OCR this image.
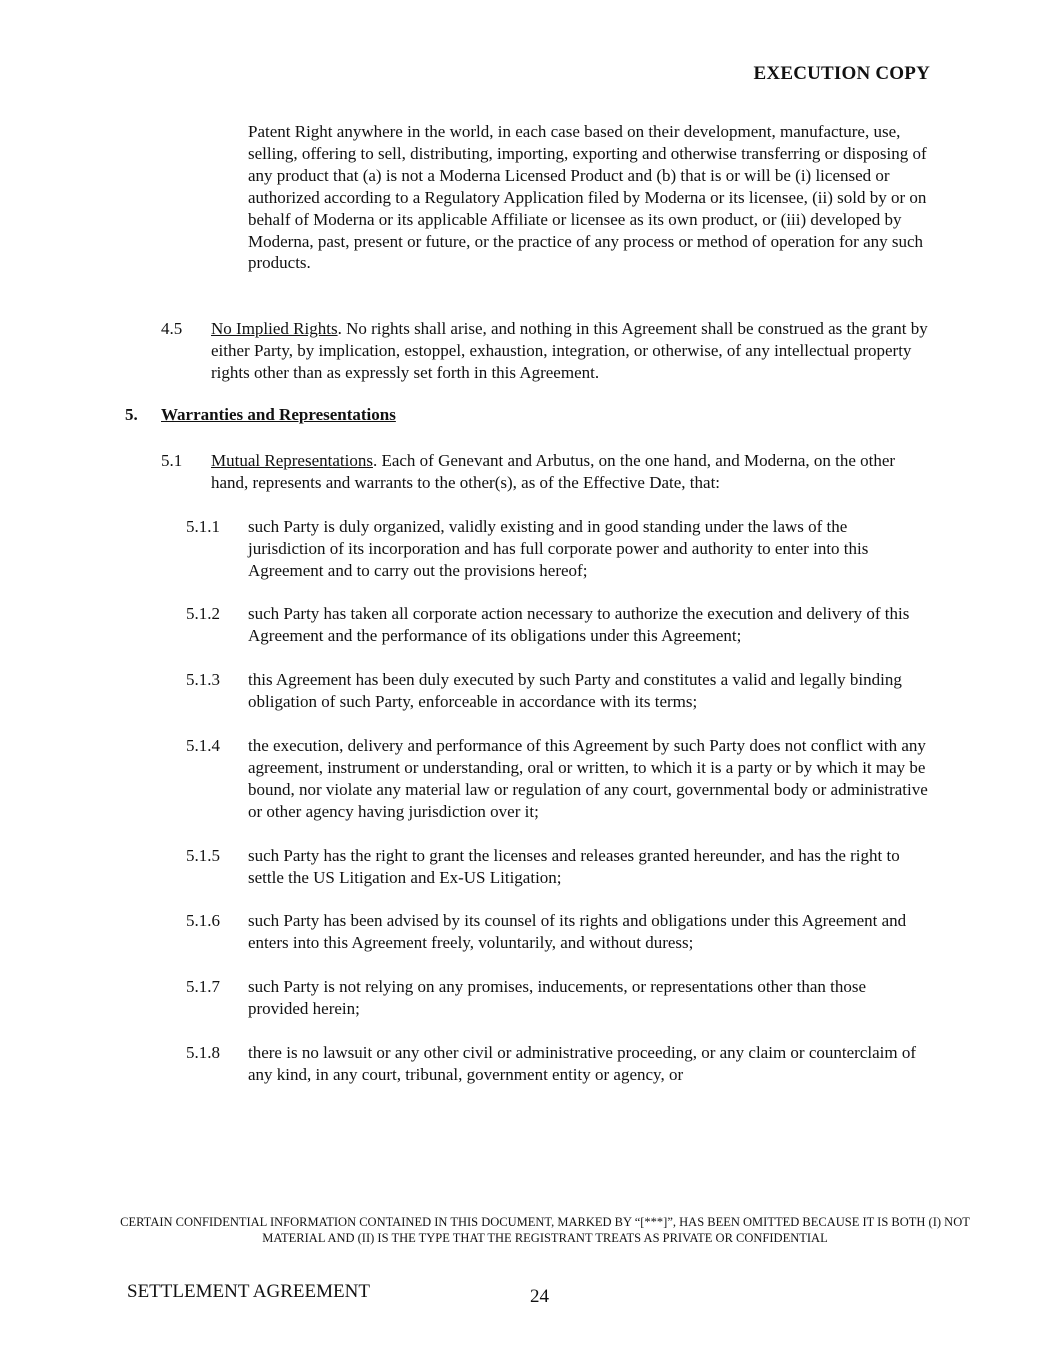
EXECUTION COPY
Patent Right anywhere in the world, in each case based on their development, manufacture, use, selling, offering to sell, distributing, importing, exporting and otherwise transferring or disposing of any product that (a) is not a Moderna Licensed Product and (b) that is or will be (i) licensed or authorized according to a Regulatory Application filed by Moderna or its licensee, (ii) sold by or on behalf of Moderna or its applicable Affiliate or licensee as its own product, or (iii) developed by Moderna, past, present or future, or the practice of any process or method of operation for any such products.
4.5 No Implied Rights. No rights shall arise, and nothing in this Agreement shall be construed as the grant by either Party, by implication, estoppel, exhaustion, integration, or otherwise, of any intellectual property rights other than as expressly set forth in this Agreement.
5. Warranties and Representations
5.1 Mutual Representations. Each of Genevant and Arbutus, on the one hand, and Moderna, on the other hand, represents and warrants to the other(s), as of the Effective Date, that:
5.1.1 such Party is duly organized, validly existing and in good standing under the laws of the jurisdiction of its incorporation and has full corporate power and authority to enter into this Agreement and to carry out the provisions hereof;
5.1.2 such Party has taken all corporate action necessary to authorize the execution and delivery of this Agreement and the performance of its obligations under this Agreement;
5.1.3 this Agreement has been duly executed by such Party and constitutes a valid and legally binding obligation of such Party, enforceable in accordance with its terms;
5.1.4 the execution, delivery and performance of this Agreement by such Party does not conflict with any agreement, instrument or understanding, oral or written, to which it is a party or by which it may be bound, nor violate any material law or regulation of any court, governmental body or administrative or other agency having jurisdiction over it;
5.1.5 such Party has the right to grant the licenses and releases granted hereunder, and has the right to settle the US Litigation and Ex-US Litigation;
5.1.6 such Party has been advised by its counsel of its rights and obligations under this Agreement and enters into this Agreement freely, voluntarily, and without duress;
5.1.7 such Party is not relying on any promises, inducements, or representations other than those provided herein;
5.1.8 there is no lawsuit or any other civil or administrative proceeding, or any claim or counterclaim of any kind, in any court, tribunal, government entity or agency, or
CERTAIN CONFIDENTIAL INFORMATION CONTAINED IN THIS DOCUMENT, MARKED BY “[***]”, HAS BEEN OMITTED BECAUSE IT IS BOTH (I) NOT MATERIAL AND (II) IS THE TYPE THAT THE REGISTRANT TREATS AS PRIVATE OR CONFIDENTIAL
SETTLEMENT AGREEMENT	24
